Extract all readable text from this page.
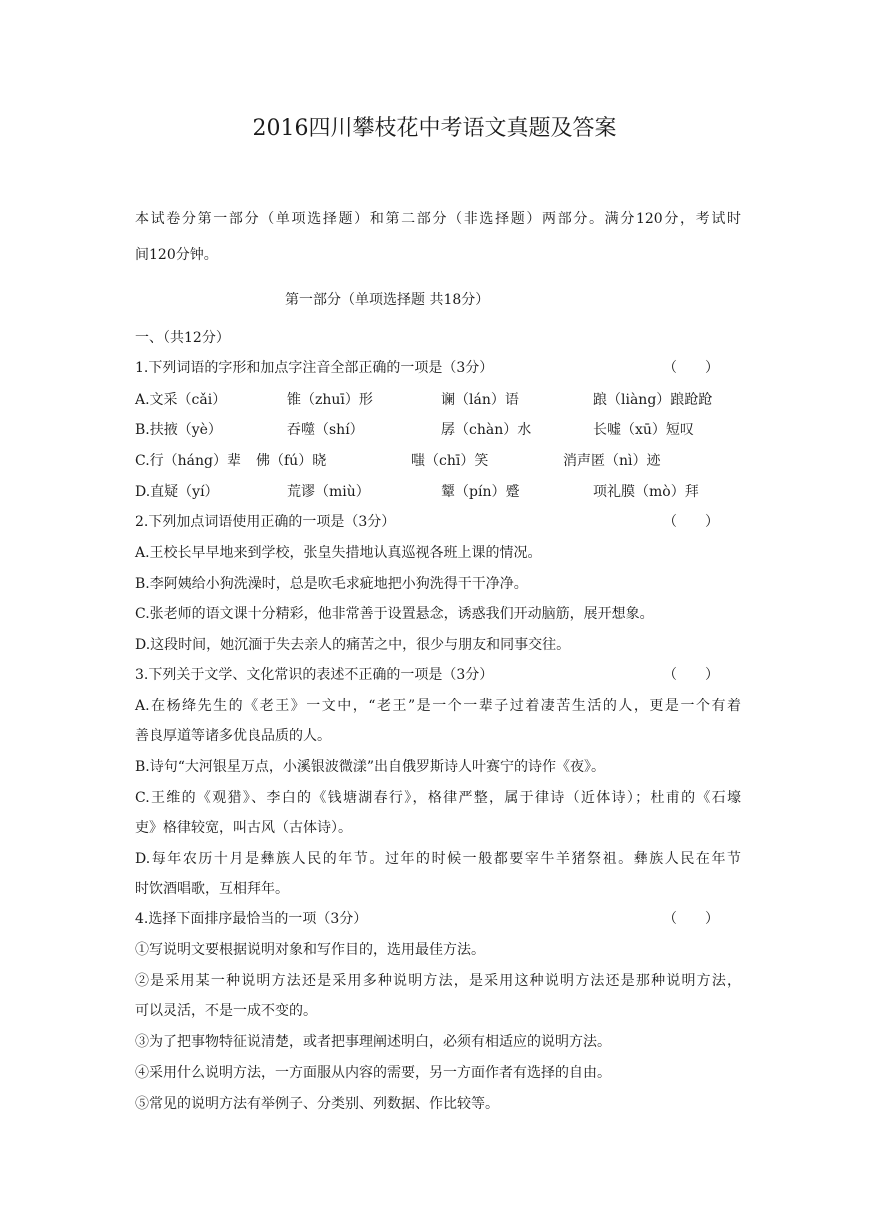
2016四川攀枝花中考语文真题及答案
本试卷分第一部分（单项选择题）和第二部分（非选择题）两部分。满分120分，考试时
间120分钟。
第一部分（单项选择题 共18分）
一、（共12分）
1.下列词语的字形和加点字注音全部正确的一项是（3分）	（　　）
A.文采（cǎi）	锥（zhuī）形	谰（lán）语	踉（liàng）踉跄跄
B.扶掖（yè）	吞噬（shí）	孱（chàn）水	长嘘（xū）短叹
C.行（háng）辈 佛（fú）晓	嗤（chī）笑	消声匿（nì）迹
D.直疑（yí）	荒谬（miù）	颦（pín）蹙	项礼膜（mò）拜
2.下列加点词语使用正确的一项是（3分）	（　　）
A.王校长早早地来到学校，张皇失措地认真巡视各班上课的情况。
B.李阿姨给小狗洗澡时，总是吹毛求疵地把小狗洗得干干净净。
C.张老师的语文课十分精彩，他非常善于设置悬念，诱惑我们开动脑筋，展开想象。
D.这段时间，她沉湎于失去亲人的痛苦之中，很少与朋友和同事交往。
3.下列关于文学、文化常识的表述不正确的一项是（3分）	（　　）
A.在杨绛先生的《老王》一文中，“老王”是一个一辈子过着凄苦生活的人，更是一个有着
善良厚道等诸多优良品质的人。
B.诗句“大河银星万点，小溪银波微漾”出自俄罗斯诗人叶赛宁的诗作《夜》。
C.王维的《观猎》、李白的《钱塘湖春行》，格律严整，属于律诗（近体诗）；杜甫的《石壕
吏》格律较宽，叫古风（古体诗）。
D.每年农历十月是彝族人民的年节。过年的时候一般都要宰牛羊猪祭祖。彝族人民在年节
时饮酒唱歌，互相拜年。
4.选择下面排序最恰当的一项（3分）	（　　）
①写说明文要根据说明对象和写作目的，选用最佳方法。
②是采用某一种说明方法还是采用多种说明方法，是采用这种说明方法还是那种说明方法，
可以灵活，不是一成不变的。
③为了把事物特征说清楚，或者把事理阐述明白，必须有相适应的说明方法。
④采用什么说明方法，一方面服从内容的需要，另一方面作者有选择的自由。
⑤常见的说明方法有举例子、分类别、列数据、作比较等。
